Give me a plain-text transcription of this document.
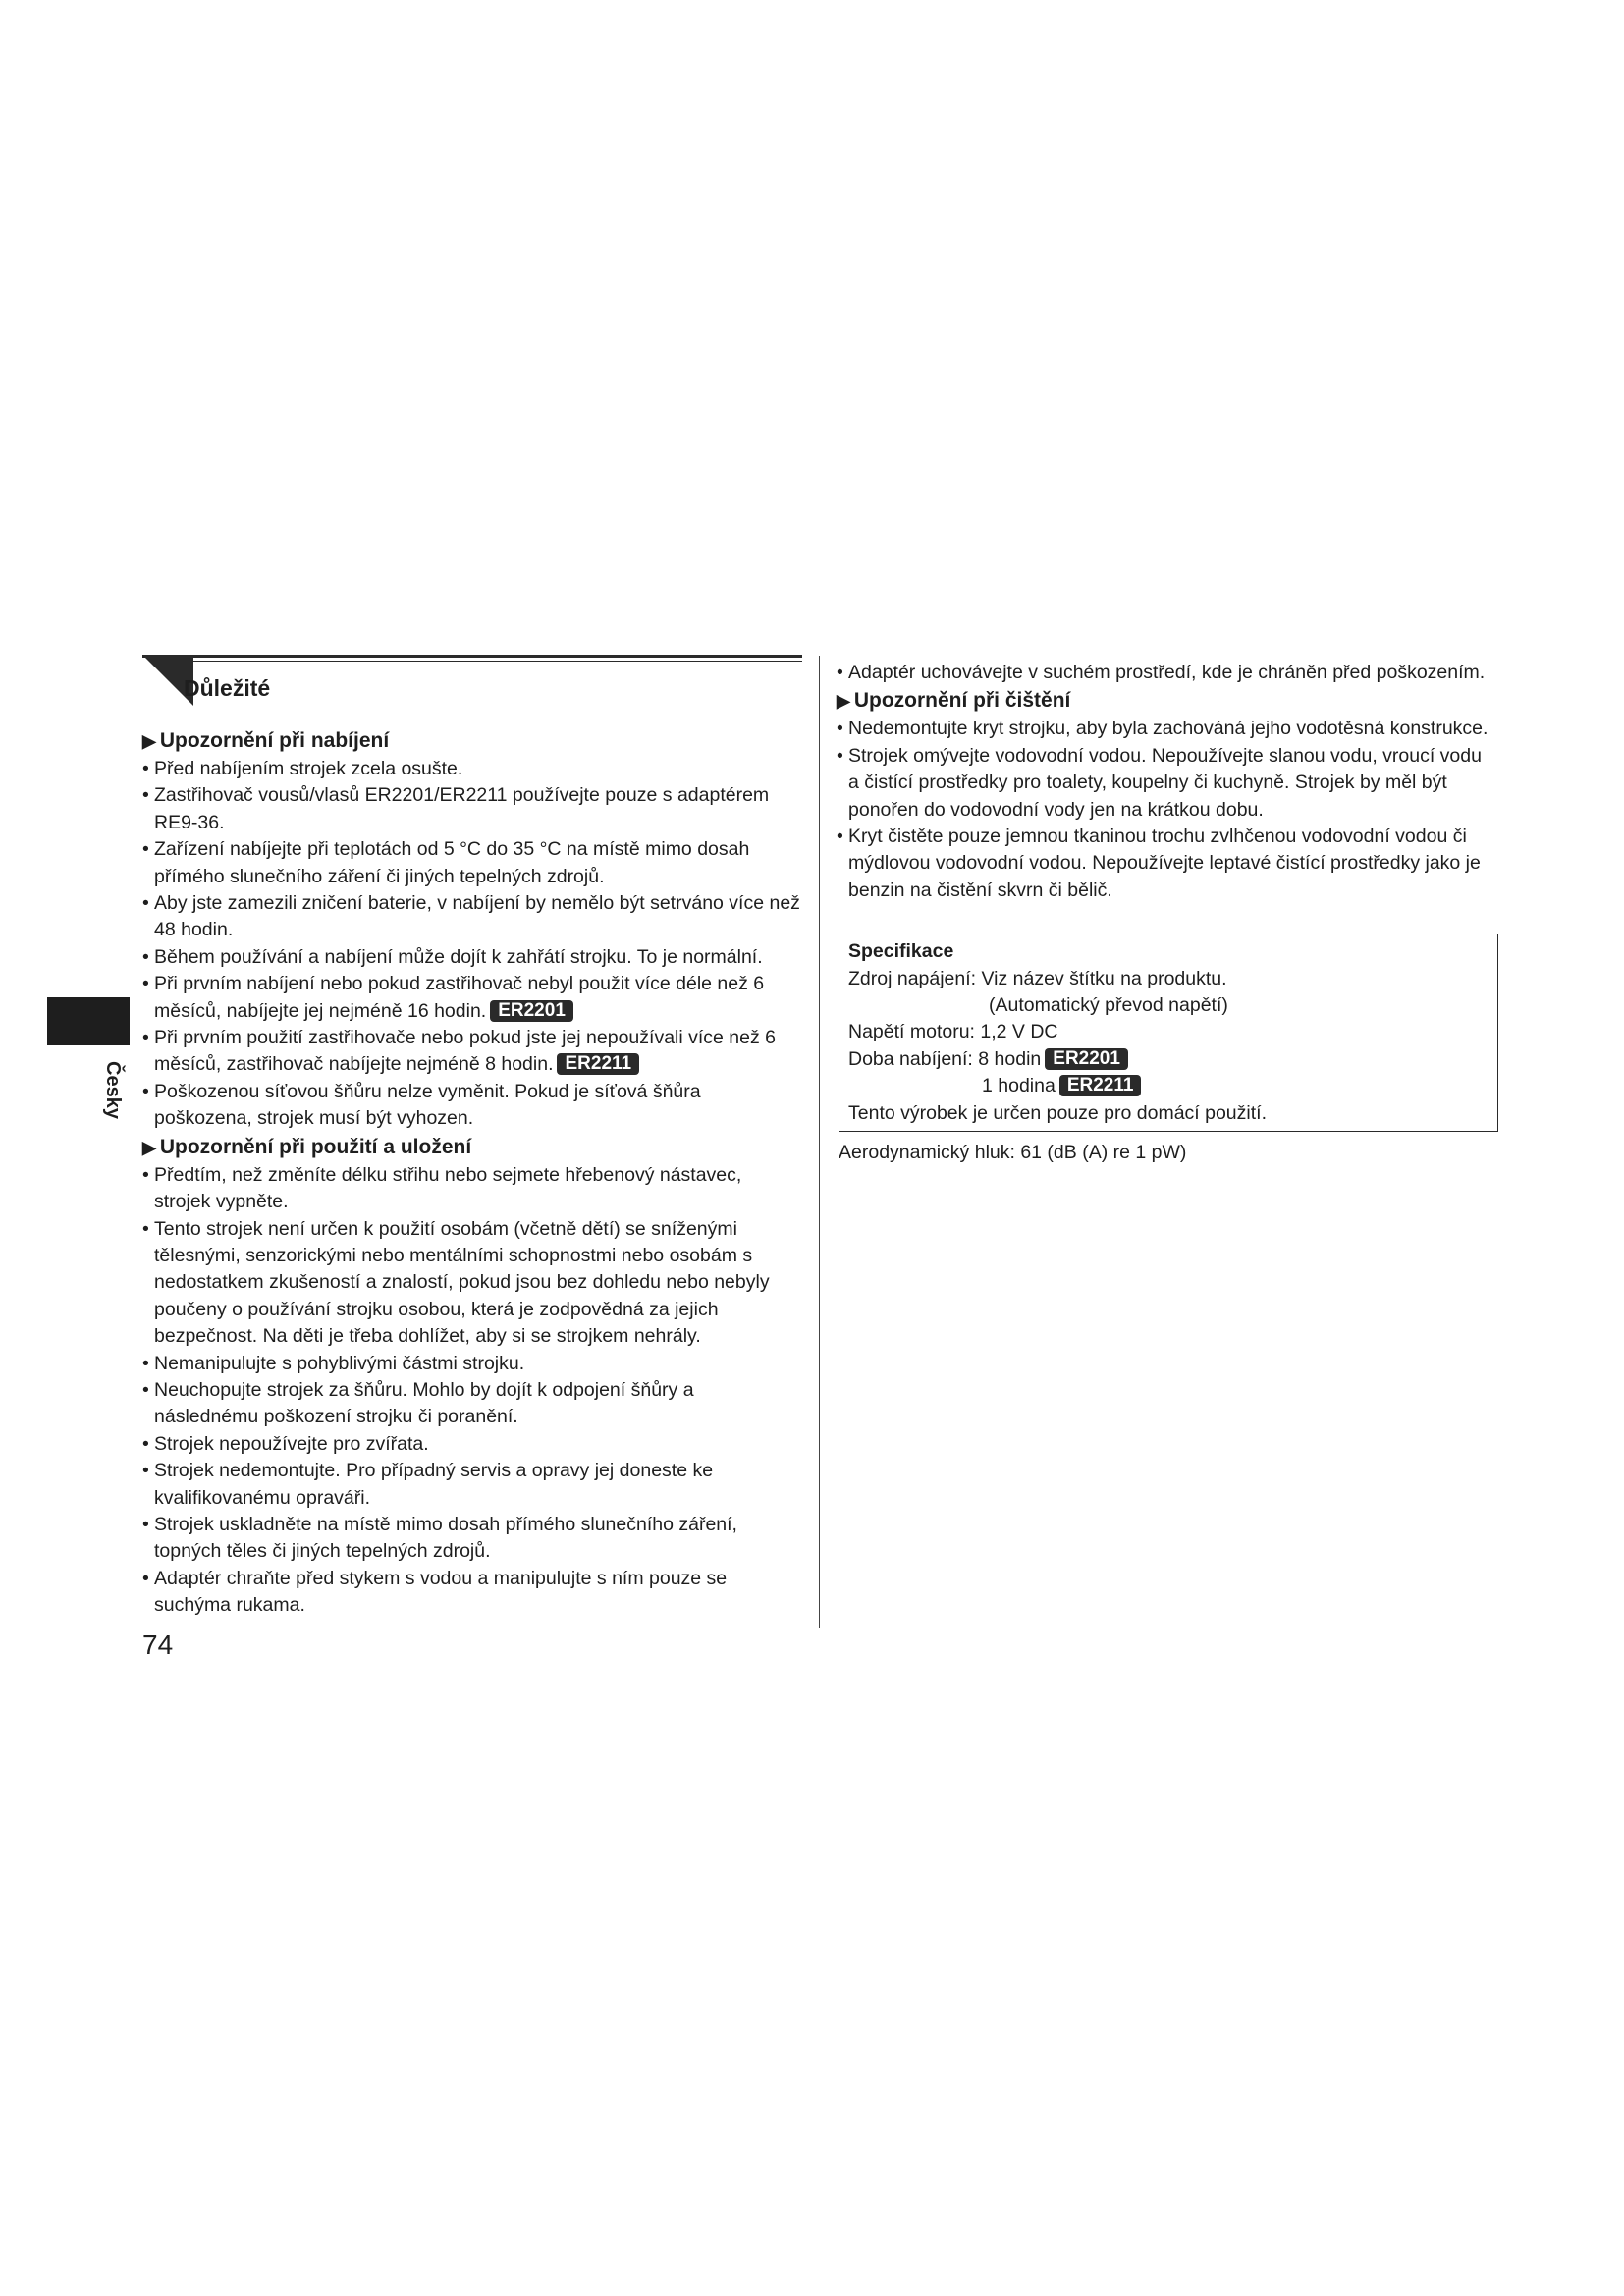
Důležité
Česky
▶ Upozornění při nabíjení
• Před nabíjením strojek zcela osušte.
• Zastřihovač vousů/vlasů ER2201/ER2211 používejte pouze s adaptérem RE9-36.
• Zařízení nabíjejte při teplotách od 5 °C do 35 °C na místě mimo dosah přímého slunečního záření či jiných tepelných zdrojů.
• Aby jste zamezili zničení baterie, v nabíjení by nemělo být setrváno více než 48 hodin.
• Během používání a nabíjení může dojít k zahřátí strojku. To je normální.
• Při prvním nabíjení nebo pokud zastřihovač nebyl použit více déle než 6 měsíců, nabíjejte jej nejméně 16 hodin. ER2201
• Při prvním použití zastřihovače nebo pokud jste jej nepoužívali více než 6 měsíců, zastřihovač nabíjejte nejméně 8 hodin. ER2211
• Poškozenou síťovou šňůru nelze vyměnit. Pokud je síťová šňůra poškozena, strojek musí být vyhozen.
▶ Upozornění při použití a uložení
• Předtím, než změníte délku střihu nebo sejmete hřebenový nástavec, strojek vypněte.
• Tento strojek není určen k použití osobám (včetně dětí) se sníženými tělesnými, senzorickými nebo mentálními schopnostmi nebo osobám s nedostatkem zkušeností a znalostí, pokud jsou bez dohledu nebo nebyly poučeny o používání strojku osobou, která je zodpovědná za jejich bezpečnost. Na děti je třeba dohlížet, aby si se strojkem nehrály.
• Nemanipulujte s pohyblivými částmi strojku.
• Neuchopujte strojek za šňůru. Mohlo by dojít k odpojení šňůry a následnému poškození strojku či poranění.
• Strojek nepoužívejte pro zvířata.
• Strojek nedemontujte. Pro případný servis a opravy jej doneste ke kvalifikovanému opraváři.
• Strojek uskladněte na místě mimo dosah přímého slunečního záření, topných těles či jiných tepelných zdrojů.
• Adaptér chraňte před stykem s vodou a manipulujte s ním pouze se suchýma rukama.
• Adaptér uchovávejte v suchém prostředí, kde je chráněn před poškozením.
▶ Upozornění při čištění
• Nedemontujte kryt strojku, aby byla zachováná jejho vodotěsná konstrukce.
• Strojek omývejte vodovodní vodou. Nepoužívejte slanou vodu, vroucí vodu a čistící prostředky pro toalety, koupelny či kuchyně. Strojek by měl být ponořen do vodovodní vody jen na krátkou dobu.
• Kryt čistěte pouze jemnou tkaninou trochu zvlhčenou vodovodní vodou či mýdlovou vodovodní vodou. Nepoužívejte leptavé čistící prostředky jako je benzin na čistění skvrn či bělič.
Specifikace
Zdroj napájení: Viz název štítku na produktu.
(Automatický převod napětí)
Napětí motoru: 1,2 V DC
Doba nabíjení: 8 hodin ER2201
1 hodina ER2211
Tento výrobek je určen pouze pro domácí použití.
Aerodynamický hluk: 61 (dB (A) re 1 pW)
74
